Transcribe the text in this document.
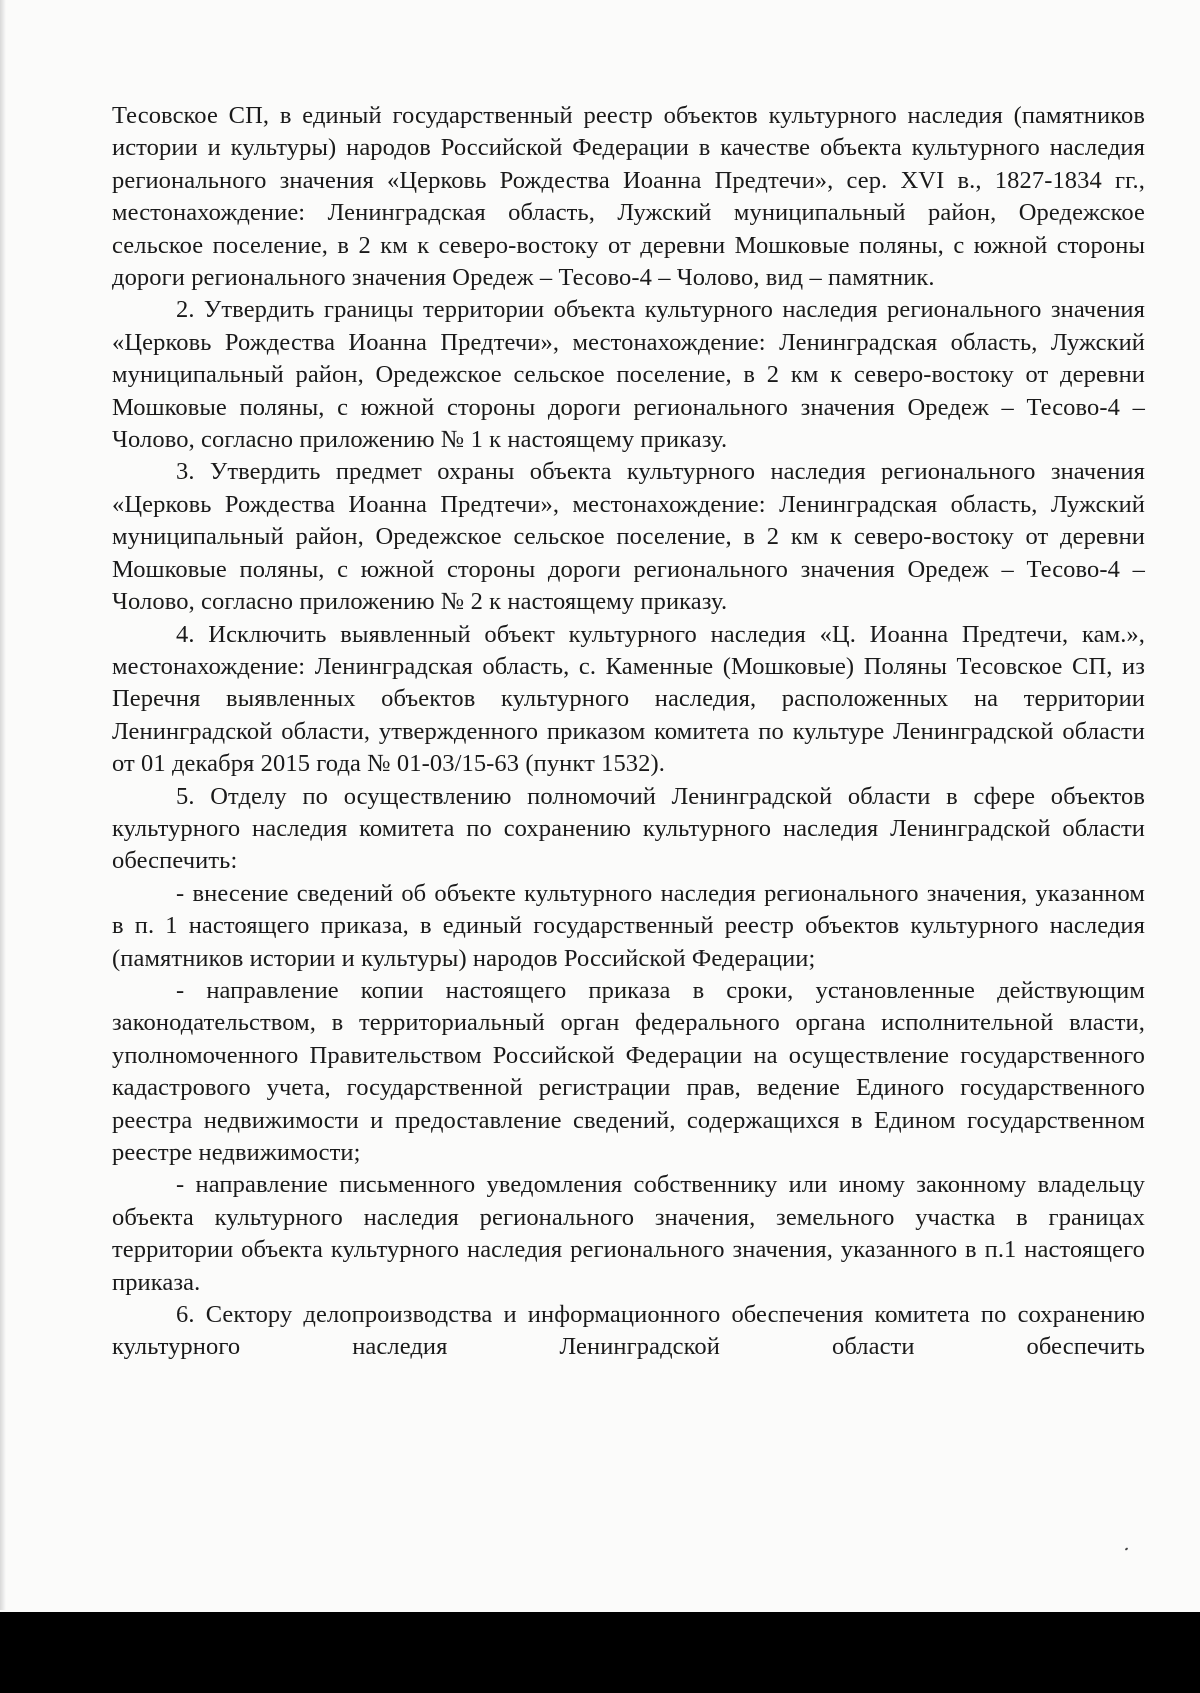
Тесовское СП, в единый государственный реестр объектов культурного наследия (памятников истории и культуры) народов Российской Федерации в качестве объекта культурного наследия регионального значения «Церковь Рождества Иоанна Предтечи», сер. XVI в., 1827-1834 гг., местонахождение: Ленинградская область, Лужский муниципальный район, Оредежское сельское поселение, в 2 км к северо-востоку от деревни Мошковые поляны, с южной стороны дороги регионального значения Оредеж – Тесово-4 – Чолово, вид – памятник.

2. Утвердить границы территории объекта культурного наследия регионального значения «Церковь Рождества Иоанна Предтечи», местонахождение: Ленинградская область, Лужский муниципальный район, Оредежское сельское поселение, в 2 км к северо-востоку от деревни Мошковые поляны, с южной стороны дороги регионального значения Оредеж – Тесово-4 – Чолово, согласно приложению № 1 к настоящему приказу.

3. Утвердить предмет охраны объекта культурного наследия регионального значения «Церковь Рождества Иоанна Предтечи», местонахождение: Ленинградская область, Лужский муниципальный район, Оредежское сельское поселение, в 2 км к северо-востоку от деревни Мошковые поляны, с южной стороны дороги регионального значения Оредеж – Тесово-4 – Чолово, согласно приложению № 2 к настоящему приказу.

4. Исключить выявленный объект культурного наследия «Ц. Иоанна Предтечи, кам.», местонахождение: Ленинградская область, с. Каменные (Мошковые) Поляны Тесовское СП, из Перечня выявленных объектов культурного наследия, расположенных на территории Ленинградской области, утвержденного приказом комитета по культуре Ленинградской области от 01 декабря 2015 года № 01-03/15-63 (пункт 1532).

5. Отделу по осуществлению полномочий Ленинградской области в сфере объектов культурного наследия комитета по сохранению культурного наследия Ленинградской области обеспечить:

- внесение сведений об объекте культурного наследия регионального значения, указанном в п. 1 настоящего приказа, в единый государственный реестр объектов культурного наследия (памятников истории и культуры) народов Российской Федерации;

- направление копии настоящего приказа в сроки, установленные действующим законодательством, в территориальный орган федерального органа исполнительной власти, уполномоченного Правительством Российской Федерации на осуществление государственного кадастрового учета, государственной регистрации прав, ведение Единого государственного реестра недвижимости и предоставление сведений, содержащихся в Едином государственном реестре недвижимости;

- направление письменного уведомления собственнику или иному законному владельцу объекта культурного наследия регионального значения, земельного участка в границах территории объекта культурного наследия регионального значения, указанного в п.1 настоящего приказа.

6. Сектору делопроизводства и информационного обеспечения комитета по сохранению культурного наследия Ленинградской области обеспечить
